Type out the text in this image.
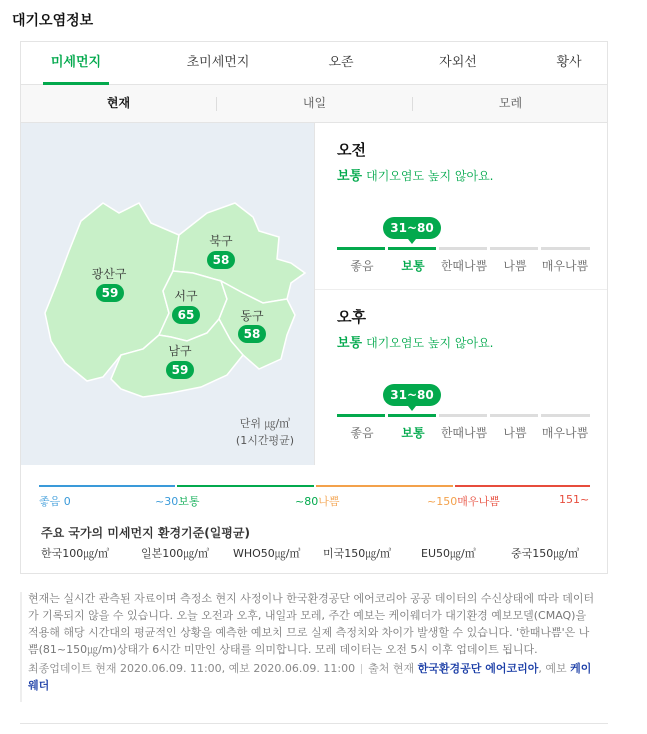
대기오염정보
미세먼지	초미세먼지	오존	자외선	황사
현재	내일	모레
광산구
59
북구
58
서구
65	동구
58
남구
59
단위 ㎍/㎥
(1시간평균)
오전
보통 대기오염도 높지 않아요.
31~80
좋음	보통	한때나쁨	나쁨	매우나쁨
오후
보통 대기오염도 높지 않아요.
31~80
좋음	보통	한때나쁨	나쁨	매우나쁨
좋음 0	~30보통	~80나쁨	~150매우나쁨	151~
주요 국가의 미세먼지 환경기준(일평균)
한국100㎍/㎥	일본100㎍/㎥ WHO50㎍/㎥ 미국150㎍/㎥	EU50㎍/㎥	중국150㎍/㎥

현재는 실시간 관측된 자료이며 측정소 현지 사정이나 한국환경공단 에어코리아 공공 데이터의 수신상태에 따라 데이터가 기록되지 않을 수 있습니다. 오늘 오전과 오후, 내일과 모레, 주간 예보는 케이웨더가 대기환경 예보모델(CMAQ)을 적용해 해당 시간대의 평균적인 상황을 예측한 예보치 므로 실제 측정치와 차이가 발생할 수 있습니다. '한때나쁨'은 나쁨(81~150㎍/m)상태가 6시간 미만인 상태를 의미합니다. 모레 데이터는 오전 5시 이후 업데이트 됩니다.

최종업데이트 현재 2020.06.09. 11:00, 예보 2020.06.09. 11:00 출처 현재 한국환경공단 에어코리아, 예보 케이웨더
